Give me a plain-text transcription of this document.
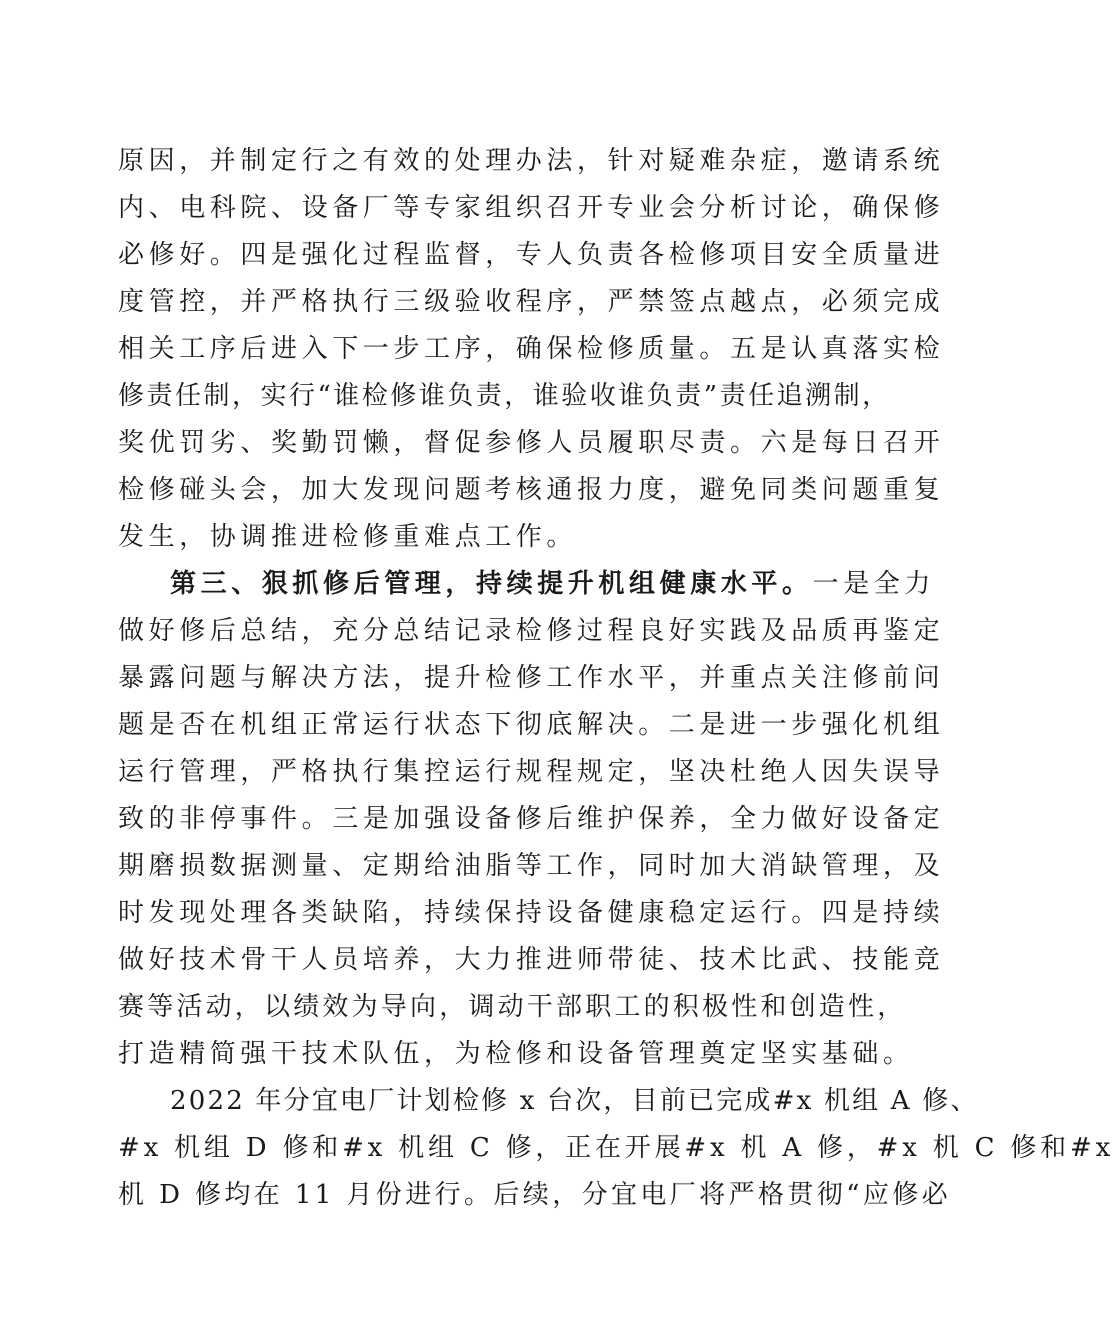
原因，并制定行之有效的处理办法，针对疑难杂症，邀请系统

内、电科院、设备厂等专家组织召开专业会分析讨论，确保修

必修好。四是强化过程监督，专人负责各检修项目安全质量进

度管控，并严格执行三级验收程序，严禁签点越点，必须完成

相关工序后进入下一步工序，确保检修质量。五是认真落实检

修责任制，实行“谁检修谁负责，谁验收谁负责”责任追溯制，

奖优罚劣、奖勤罚懒，督促参修人员履职尽责。六是每日召开

检修碰头会，加大发现问题考核通报力度，避免同类问题重复

发生，协调推进检修重难点工作。

第三、狠抓修后管理，持续提升机组健康水平。一是全力

做好修后总结，充分总结记录检修过程良好实践及品质再鉴定

暴露问题与解决方法，提升检修工作水平，并重点关注修前问

题是否在机组正常运行状态下彻底解决。二是进一步强化机组

运行管理，严格执行集控运行规程规定，坚决杜绝人因失误导

致的非停事件。三是加强设备修后维护保养，全力做好设备定

期磨损数据测量、定期给油脂等工作，同时加大消缺管理，及

时发现处理各类缺陷，持续保持设备健康稳定运行。四是持续

做好技术骨干人员培养，大力推进师带徒、技术比武、技能竞

赛等活动，以绩效为导向，调动干部职工的积极性和创造性，

打造精简强干技术队伍，为检修和设备管理奠定坚实基础。

2022 年分宜电厂计划检修 x 台次，目前已完成#x 机组 A 修、

#x 机组 D 修和#x 机组 C 修，正在开展#x 机 A 修，#x 机 C 修和#x

机 D 修均在 11 月份进行。后续，分宜电厂将严格贯彻“应修必
